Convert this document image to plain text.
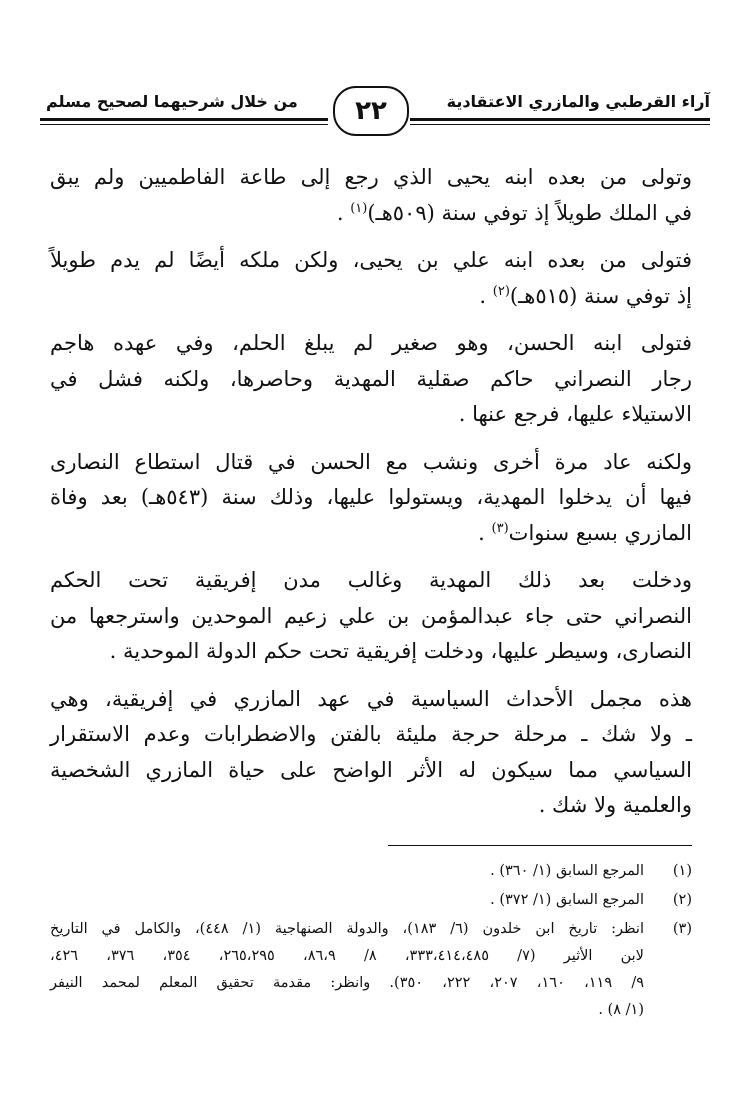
آراء القرطبي والمازري الاعتقادية
من خلال شرحيهما لصحيح مسلم ٢٢

وتولى من بعده ابنه يحيى الذي رجع إلى طاعة الفاطميين ولم يبق
في الملك طويلاً إذ توفي سنة (٥٠٩هـ)$^{(١)}$ .

فتولى من بعده ابنه علي بن يحيى، ولكن ملكه أيضًا لم يدم طويلاً
إذ توفي سنة (٥١٥هـ)$^{(٢)}$ .

فتولى ابنه الحسن، وهو صغير لم يبلغ الحلم، وفي عهده هاجم
رجار النصراني حاكم صقلية المهدية وحاصرها، ولكنه فشل في
الاستيلاء عليها، فرجع عنها .

ولكنه عاد مرة أخرى ونشب مع الحسن في قتال استطاع النصارى
فيها أن يدخلوا المهدية، ويستولوا عليها، وذلك سنة (٥٤٣هـ) بعد وفاة
المازري بسبع سنوات$^{(٣)}$ .

ودخلت بعد ذلك المهدية وغالب مدن إفريقية تحت الحكم
النصراني حتى جاء عبدالمؤمن بن علي زعيم الموحدين واسترجعها من
النصارى، وسيطر عليها، ودخلت إفريقية تحت حكم الدولة الموحدية .

هذه مجمل الأحداث السياسية في عهد المازري في إفريقية، وهي
ـ ولا شك ـ مرحلة حرجة مليئة بالفتن والاضطرابات وعدم الاستقرار
السياسي مما سيكون له الأثر الواضح على حياة المازري الشخصية
والعلمية ولا شك .

(١)
المرجع السابق (١/ ٣٦٠) .
(٢)
المرجع السابق (١/ ٣٧٢) .
(٣)
انظر: تاريخ ابن خلدون (٦/ ١٨٣)، والدولة الصنهاجية (١/ ٤٤٨)، والكامل في التاريخ
لابن الأثير (٧/ ٣٣٣،٤١٤،٤٨٥، ٨/ ٨٦،٩، ٢٦٥،٢٩٥، ٣٥٤، ٣٧٦، ٤٢٦،
٩/ ١١٩، ١٦٠، ٢٠٧، ٢٢٢، ٣٥٠). وانظر: مقدمة تحقيق المعلم لمحمد النيفر
(١/ ٨) .
